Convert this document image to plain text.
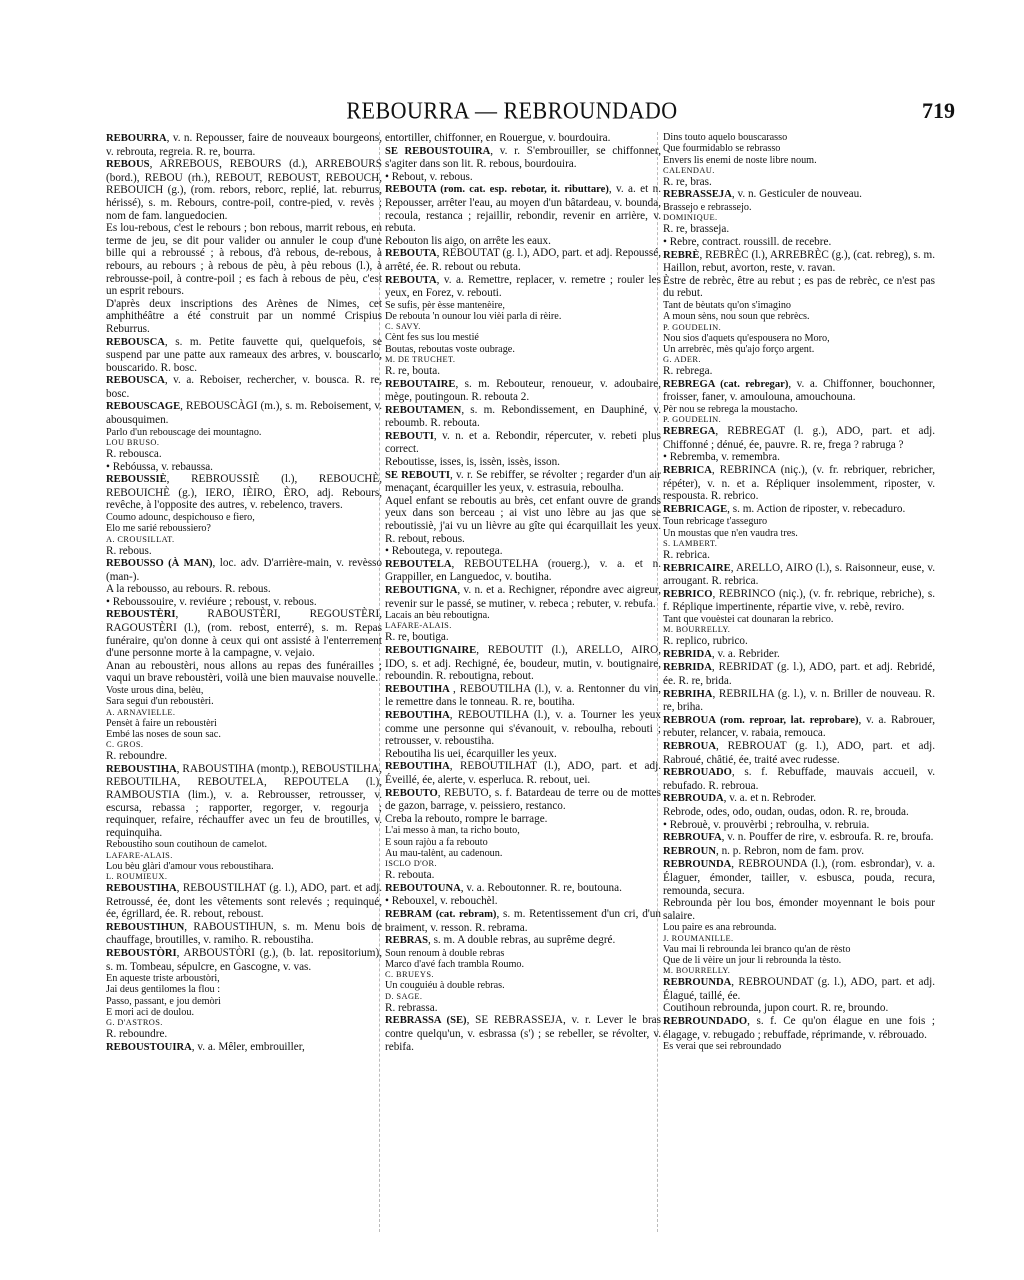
REBOURRA — REBROUNDADO	719

REBOURRA, v. n. Repousser, faire de nouveaux bourgeons, v. rebrouta, regreia. R. re, bourra.

REBOUS, ARREBOUS, REBOURS (d.), ARREBOURS (bord.), REBOU (rh.), REBOUT, REBOUST, REBOUCH, REBOUICH (g.), (rom. rebors, reborc, replié, lat. reburrus, hérissé), s. m. Rebours, contre-poil, contre-pied, v. revès ; nom de fam. languedocien.

Es lou-rebous, c'est le rebours ; bon rebous, marrit rebous, en terme de jeu, se dit pour valider ou annuler le coup d'une bille qui a rebroussé ; à rebous, d'à rebous, de-rebous, à rebours, au rebours ; à rebous de pèu, à pèu rebous (l.), à rebrousse-poil, à contre-poil ; es fach à rebous de pèu, c'est un esprit rebours.

D'après deux inscriptions des Arènes de Nimes, cet amphithéâtre a été construit par un nommé Crispius Reburrus.

REBOUSCA, s. m. Petite fauvette qui, quelquefois, se suspend par une patte aux rameaux des arbres, v. bouscarlo, bouscarido. R. bosc.

REBOUSCA, v. a. Reboiser, rechercher, v. bousca. R. re, bosc.

REBOUSCAGE, REBOUSCÀGI (m.), s. m. Reboisement, v. abousquimen.

Parlo d'un rebouscage dei mountagno.

LOU BRUSO.

R. rebousca.

• Rebóussa, v. rebaussa.

REBOUSSIÈ, REBROUSSIÈ (l.), REBOUCHÈ, REBOUICHÈ (g.), IERO, IÈIRO, ÈRO, adj. Rebours, revêche, à l'opposite des autres, v. rebelenco, travers.

Coumo adounc, despichouso e fiero,
Elo me sarié reboussiero?

A. CROUSILLAT.

R. rebous.

REBOUSSO (À MAN), loc. adv. D'arrière-main, v. revèsso (man-).

A la rebousso, au rebours. R. rebous.

• Reboussouire, v. reviéure ; reboust, v. rebous.

REBOUSTÈRI, RABOUSTÈRI, REGOUSTÈRI, RAGOUSTÈRI (l.), (rom. rebost, enterré), s. m. Repas funéraire, qu'on donne à ceux qui ont assisté à l'enterrement d'une personne morte à la campagne, v. vejaio.

Anan au reboustèri, nous allons au repas des funérailles ; vaqui un brave reboustèri, voilà une bien mauvaise nouvelle.

Voste urous dina, belèu,
Sara segui d'un reboustèri.

A. ARNAVIELLE.

Pensèt à faire un reboustèri
Embé las noses de soun sac.

C. GROS.

R. reboundre.

REBOUSTIHA, RABOUSTIHA (montp.), REBOUSTILHA, REBOUTILHA, REBOUTELA, REPOUTELA (l.), RAMBOUSTIA (lim.), v. a. Rebrousser, retrousser, v. escursa, rebassa ; rapporter, regorger, v. regourja ; requinquer, refaire, réchauffer avec un feu de broutilles, v. requinquiha.

Reboustiho soun coutihoun de camelot.

LAFARE-ALAIS.

Lou bèu glàri d'amour vous reboustihara.

L. ROUMIEUX.

REBOUSTIHA, REBOUSTILHAT (g. l.), ADO, part. et adj. Retroussé, ée, dont les vêtements sont relevés ; requinqué, ée, égrillard, ée. R. rebout, reboust.

REBOUSTIHUN, RABOUSTIHUN, s. m. Menu bois de chauffage, broutilles, v. ramiho. R. reboustiha.

REBOUSTÒRI, ARBOUSTÒRI (g.), (b. lat. repositorium), s. m. Tombeau, sépulcre, en Gascogne, v. vas.

En aqueste triste arboustòri,
Jai deus gentilomes la flou :
Passo, passant, e jou demòri
E mori aci de doulou.

G. D'ASTROS.

R. reboundre.

REBOUSTOUIRA, v. a. Mêler, embrouiller,

entortiller, chiffonner, en Rouergue, v. bourdouira.

SE REBOUSTOUIRA, v. r. S'embrouiller, se chiffonner, s'agiter dans son lit. R. rebous, bourdouira.

• Rebout, v. rebous.

REBOUTA (rom. cat. esp. rebotar, it. ributtare), v. a. et n. Repousser, arrêter l'eau, au moyen d'un bâtardeau, v. bounda, recoula, restanca ; rejaillir, rebondir, revenir en arrière, v. rebuta.

Rebouton lis aigo, on arrête les eaux.

REBOUTA, REBOUTAT (g. l.), ADO, part. et adj. Repoussé, arrêté, ée. R. rebout ou rebuta.

REBOUTA, v. a. Remettre, replacer, v. remetre ; rouler les yeux, en Forez, v. rebouti.

Se sufis, pèr èsse mantenèire,
De rebouta 'n ounour lou vièi parla di rèire.

C. SAVY.

Cènt fes sus lou mestié
Boutas, reboutas voste oubrage.

M. DE TRUCHET.

R. re, bouta.

REBOUTAIRE, s. m. Rebouteur, renoueur, v. adoubaire, mège, poutingoun. R. rebouta 2.

REBOUTAMEN, s. m. Rebondissement, en Dauphiné, v. reboumb. R. rebouta.

REBOUTI, v. n. et a. Rebondir, répercuter, v. rebeti plus correct.

Reboutisse, isses, is, issèn, issès, isson.

SE REBOUTI, v. r. Se rebiffer, se révolter ; regarder d'un air menaçant, écarquiller les yeux, v. estrasuia, reboulha.

Aquel enfant se reboutis au brès, cet enfant ouvre de grands yeux dans son berceau ; ai vist uno lèbre au jas que se reboutissiè, j'ai vu un lièvre au gîte qui écarquillait les yeux. R. rebout, rebous.

• Reboutega, v. repoutega.

REBOUTELA, REBOUTELHA (rouerg.), v. a. et n. Grappiller, en Languedoc, v. boutiha.

REBOUTIGNA, v. n. et a. Rechigner, répondre avec aigreur, revenir sur le passé, se mutiner, v. rebeca ; rebuter, v. rebufa.

Lacais an bèu reboutigna.

LAFARE-ALAIS.

R. re, boutiga.

REBOUTIGNAIRE, REBOUTIT (l.), ARELLO, AIRO, IDO, s. et adj. Rechigné, ée, boudeur, mutin, v. boutignaire, reboundin. R. reboutigna, rebout.

REBOUTIHA , REBOUTILHA (l.), v. a. Rentonner du vin, le remettre dans le tonneau. R. re, boutiha.

REBOUTIHA, REBOUTILHA (l.), v. a. Tourner les yeux comme une personne qui s'évanouit, v. reboulha, rebouti ; retrousser, v. reboustiha.

Reboutiha lis uei, écarquiller les yeux.

REBOUTIHA, REBOUTILHAT (l.), ADO, part. et adj. Éveillé, ée, alerte, v. esperluca. R. rebout, uei.

REBOUTO, REBUTO, s. f. Batardeau de terre ou de mottes de gazon, barrage, v. peissiero, restanco.

Creba la rebouto, rompre le barrage.

L'ai messo à man, ta richo bouto,
E soun rajòu a fa rebouto
Au mau-talènt, au cadenoun.

ISCLO D'OR.

R. rebouta.

REBOUTOUNA, v. a. Reboutonner. R. re, boutouna.

• Rebouxel, v. rebouchèl.

REBRAM (cat. rebram), s. m. Retentissement d'un cri, d'un braiment, v. resson. R. rebrama.

REBRAS, s. m. A double rebras, au suprême degré.

Soun renoum à double rebras
Marco d'avé fach trambla Roumo.

C. BRUEYS.

Un couguiéu à double rebras.

D. SAGE.

R. rebrassa.

REBRASSA (SE), SE REBRASSEJA, v. r. Lever le bras contre quelqu'un, v. esbrassa (s') ; se rebeller, se révolter, v. rebifa.

Dins touto aquelo bouscarasso
Que fourmidablo se rebrasso
Envers lis enemi de noste libre noum.

CALENDAU.

R. re, bras.

REBRASSEJA, v. n. Gesticuler de nouveau.

Brassejo e rebrassejo.

DOMINIQUE.

R. re, brasseja.

• Rebre, contract. roussill. de recebre.

REBRÈ, REBRÈC (l.), ARREBRÈC (g.), (cat. rebreg), s. m. Haillon, rebut, avorton, reste, v. ravan.

Èstre de rebrèc, être au rebut ; es pas de rebrèc, ce n'est pas du rebut.

Tant de bèutats qu'on s'imagino
A moun sèns, nou soun que rebrècs.

P. GOUDELIN.

Nou sios d'aquets qu'espousera no Moro,
Un arrebrèc, mès qu'ajo forço argent.

G. ADER.

R. rebrega.

REBREGA (cat. rebregar), v. a. Chiffonner, bouchonner, froisser, faner, v. amoulouna, amouchouna.

Pèr nou se rebrega la moustacho.

P. GOUDELIN.

REBREGA, REBREGAT (l. g.), ADO, part. et adj. Chiffonné ; dénué, ée, pauvre. R. re, frega ? rabruga ?

• Rebremba, v. remembra.

REBRICA, REBRINCA (niç.), (v. fr. rebriquer, rebricher, répéter), v. n. et a. Répliquer insolemment, riposter, v. respousta. R. rebrico.

REBRICAGE, s. m. Action de riposter, v. rebecaduro.

Toun rebricage t'asseguro
Un moustas que n'en vaudra tres.

S. LAMBERT.

R. rebrica.

REBRICAIRE, ARELLO, AIRO (l.), s. Raisonneur, euse, v. arrougant. R. rebrica.

REBRICO, REBRINCO (niç.), (v. fr. rebrique, rebriche), s. f. Réplique impertinente, répartie vive, v. rebè, reviro.

Tant que vouèstei cat dounaran la rebrico.

M. BOURRELLY.

R. replico, rubrico.

REBRIDA, v. a. Rebrider.

REBRIDA, REBRIDAT (g. l.), ADO, part. et adj. Rebridé, ée. R. re, brida.

REBRIHA, REBRILHA (g. l.), v. n. Briller de nouveau. R. re, briha.

REBROUA (rom. reproar, lat. reprobare), v. a. Rabrouer, rebuter, relancer, v. rabaia, remouca.

REBROUA, REBROUAT (g. l.), ADO, part. et adj. Rabroué, châtié, ée, traité avec rudesse.

REBROUADO, s. f. Rebuffade, mauvais accueil, v. rebufado. R. rebroua.

REBROUDA, v. a. et n. Rebroder.

Rebrode, odes, odo, oudan, oudas, odon. R. re, brouda.

• Rebrouè, v. prouvèrbi ; rebroulha, v. rebruia.

REBROUFA, v. n. Pouffer de rire, v. esbroufa. R. re, broufa.

REBROUN, n. p. Rebron, nom de fam. prov.

REBROUNDA, REBROUNDA (l.), (rom. esbrondar), v. a. Élaguer, émonder, tailler, v. esbusca, pouda, recura, remounda, secura.

Rebrounda pèr lou bos, émonder moyennant le bois pour salaire.

Lou paire es ana rebrounda.

J. ROUMANILLE.

Vau mai li rebrounda lei branco qu'an de rèsto
Que de li vèire un jour li rebrounda la tèsto.

M. BOURRELLY.

REBROUNDA, REBROUNDAT (g. l.), ADO, part. et adj. Élagué, taillé, ée.

Coutihoun rebrounda, jupon court. R. re, broundo.

REBROUNDADO, s. f. Ce qu'on élague en une fois ; élagage, v. rebugado ; rebuffade, réprimande, v. rébrouado.

Es verai que sei rebroundado
